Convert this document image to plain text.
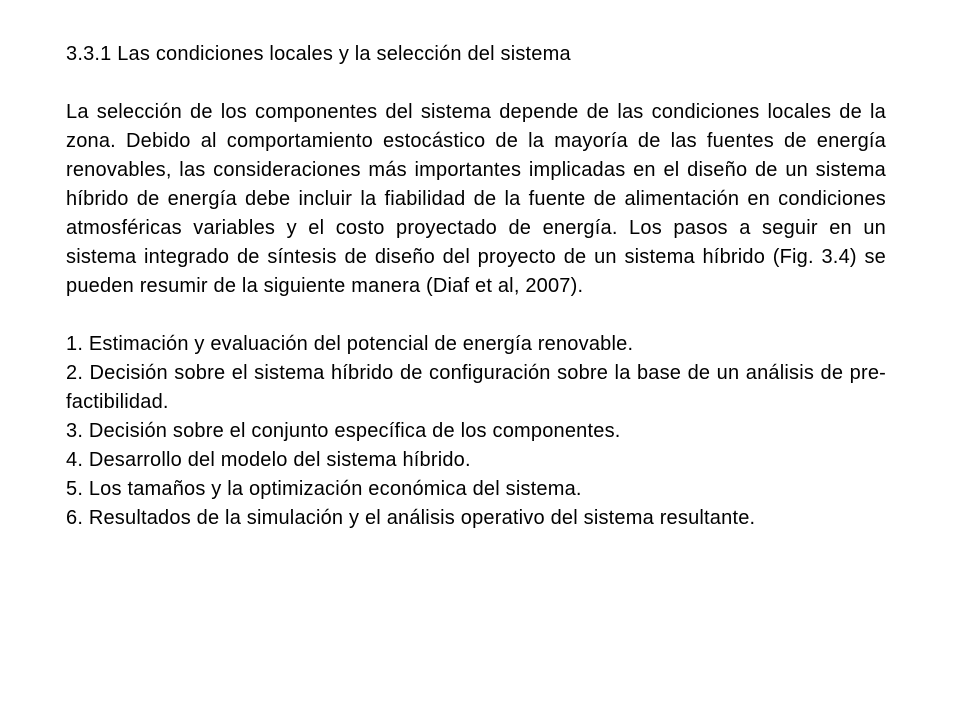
3.3.1 Las condiciones locales y la selección del sistema

La selección de los componentes del sistema depende de las condiciones locales de la zona. Debido al comportamiento estocástico de la mayoría de las fuentes de energía renovables, las consideraciones más importantes implicadas en el diseño de un sistema híbrido de energía debe incluir la fiabilidad de la fuente de alimentación en condiciones atmosféricas variables y el costo proyectado de energía. Los pasos a seguir en un sistema integrado de síntesis de diseño del proyecto de un sistema híbrido (Fig. 3.4) se pueden resumir de la siguiente manera (Diaf et al, 2007).

1. Estimación y evaluación del potencial de energía renovable.
2. Decisión sobre el sistema híbrido de configuración sobre la base de un análisis de pre-factibilidad.
3. Decisión sobre el conjunto específica de los componentes.
4. Desarrollo del modelo del sistema híbrido.
5. Los tamaños y la optimización económica del sistema.
6. Resultados de la simulación y el análisis operativo del sistema resultante.
